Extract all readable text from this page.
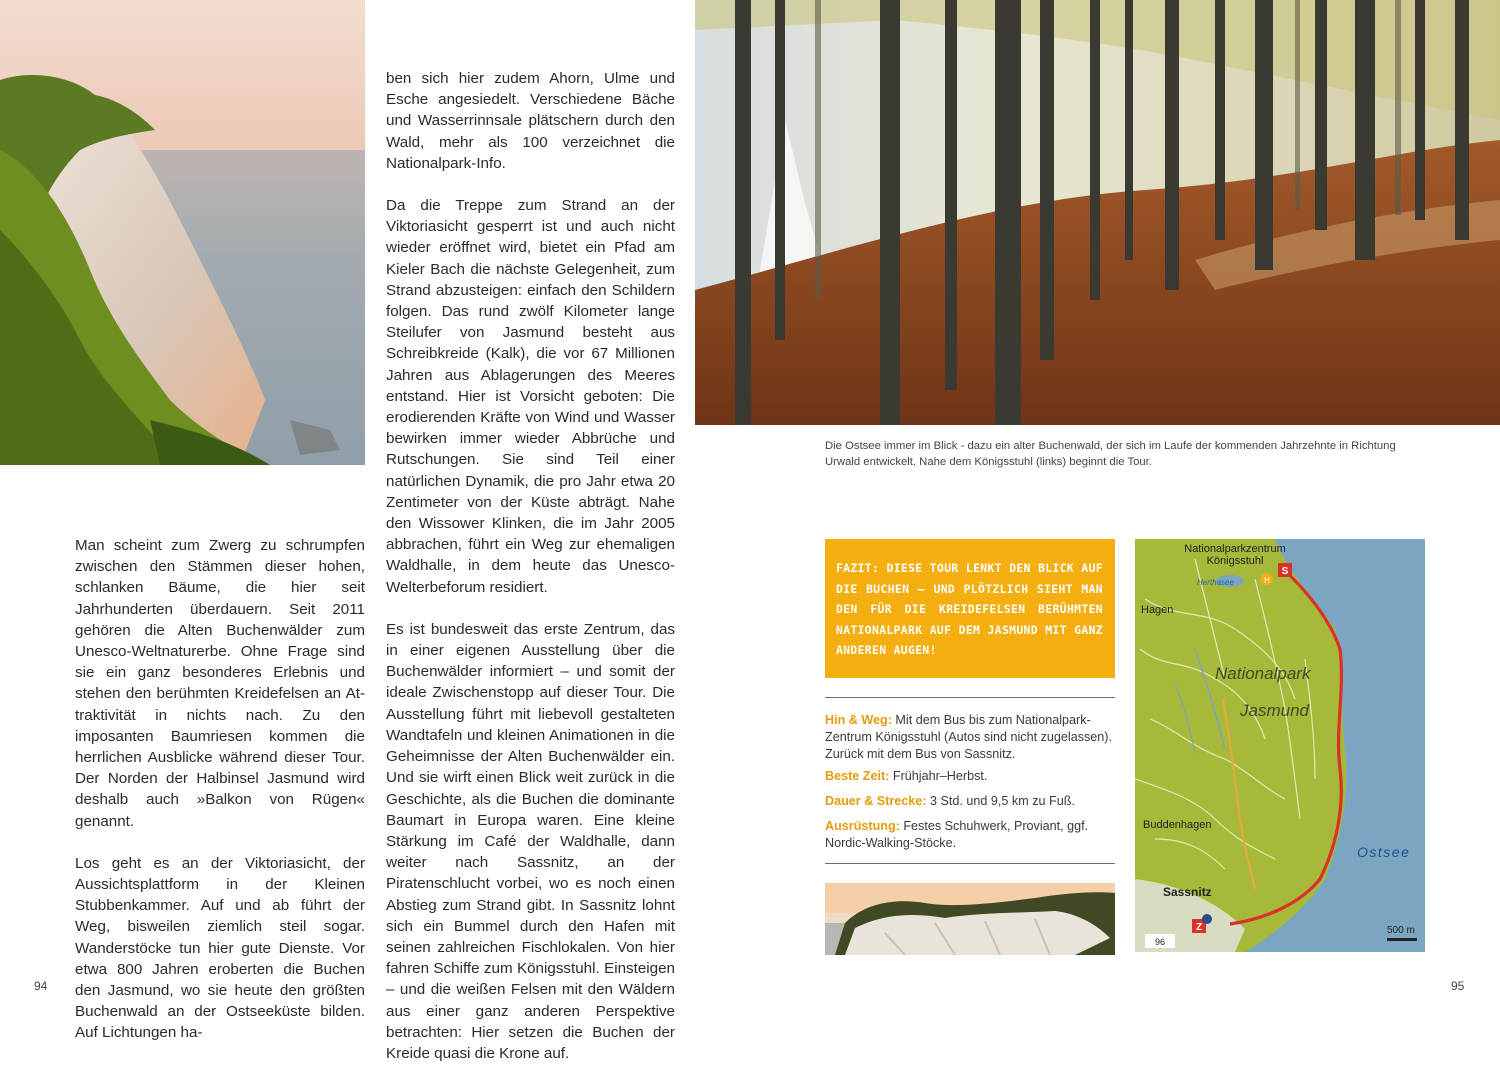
Die Ostsee immer im Blick - dazu ein alter Buchenwald, der sich im Laufe der kommenden Jahrzehnte in Richtung Urwald entwickelt. Nahe dem Königsstuhl (links) beginnt die Tour.

Man scheint zum Zwerg zu schrumpfen zwischen den Stämmen dieser hohen, schlanken Bäume, die hier seit Jahrhunderten überdauern. Seit 2011 gehören die Alten Buchenwälder zum Unesco-Weltnaturerbe. Ohne Frage sind sie ein ganz besonderes Erlebnis und stehen den berühmten Kreidefelsen an Attraktivität in nichts nach. Zu den imposanten Baumriesen kommen die herrlichen Ausblicke während dieser Tour. Der Norden der Halbinsel Jasmund wird deshalb auch »Balkon von Rügen« genannt.

Los geht es an der Viktoriasicht, der Aussichtsplattform in der Kleinen Stubbenkammer. Auf und ab führt der Weg, bisweilen ziemlich steil sogar. Wanderstöcke tun hier gute Dienste. Vor etwa 800 Jahren eroberten die Buchen den Jasmund, wo sie heute den größten Buchenwald an der Ostseeküste bilden. Auf Lichtungen ha-

ben sich hier zudem Ahorn, Ulme und Esche angesiedelt. Verschiedene Bäche und Wasserrinnsale plätschern durch den Wald, mehr als 100 verzeichnet die Nationalpark-Info.

Da die Treppe zum Strand an der Viktoriasicht gesperrt ist und auch nicht wieder eröffnet wird, bietet ein Pfad am Kieler Bach die nächste Gelegenheit, zum Strand abzusteigen: einfach den Schildern folgen. Das rund zwölf Kilometer lange Steilufer von Jasmund besteht aus Schreibkreide (Kalk), die vor 67 Millionen Jahren aus Ablagerungen des Meeres entstand. Hier ist Vorsicht geboten: Die erodierenden Kräfte von Wind und Wasser bewirken immer wieder Abbrüche und Rutschungen. Sie sind Teil einer natürlichen Dynamik, die pro Jahr etwa 20 Zentimeter von der Küste abträgt. Nahe den Wissower Klinken, die im Jahr 2005 abbrachen, führt ein Weg zur ehemaligen Waldhalle, in dem heute das Unesco-Welterbeforum residiert.

Es ist bundesweit das erste Zentrum, das in einer eigenen Ausstellung über die Buchenwälder informiert – und somit der ideale Zwischenstopp auf dieser Tour. Die Ausstellung führt mit liebevoll gestalteten Wandtafeln und kleinen Animationen in die Geheimnisse der Alten Buchenwälder ein. Und sie wirft einen Blick weit zurück in die Geschichte, als die Buchen die dominante Baumart in Europa waren. Eine kleine Stärkung im Café der Waldhalle, dann weiter nach Sassnitz, an der Piratenschlucht vorbei, wo es noch einen Abstieg zum Strand gibt. In Sassnitz lohnt sich ein Bummel durch den Hafen mit seinen zahlreichen Fischlokalen. Von hier fahren Schiffe zum Königsstuhl. Einsteigen – und die weißen Felsen mit den Wäldern aus einer ganz anderen Perspektive betrachten: Hier setzen die Buchen der Kreide quasi die Krone auf.

94	95
FAZIT: DIESE TOUR LENKT DEN BLICK AUF DIE BUCHEN – UND PLÖTZLICH SIEHT MAN DEN FÜR DIE KREIDEFELSEN BERÜHMTEN NATIONALPARK AUF DEM JASMUND MIT GANZ ANDEREN AUGEN!
Hin & Weg: Mit dem Bus bis zum Nationalpark-Zentrum Königsstuhl (Autos sind nicht zugelassen). Zurück mit dem Bus von Sassnitz.
Beste Zeit: Frühjahr–Herbst.
Dauer & Strecke: 3 Std. und 9,5 km zu Fuß.
Ausrüstung: Festes Schuhwerk, Proviant, ggf. Nordic-Walking-Stöcke.
96
H
S
Z
Nationalparkzentrum
Königsstuhl
Herthasee
Hagen
Nationalpark
Jasmund
Buddenhagen
Ostsee
Sassnitz
500 m
